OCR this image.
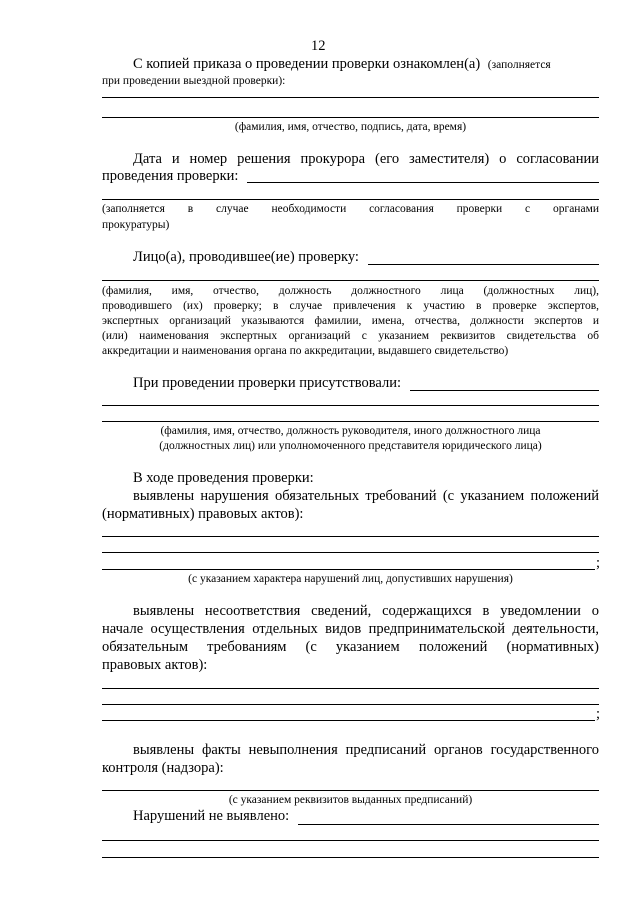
12
С копией приказа о проведении проверки ознакомлен(а) (заполняется
при проведении выездной проверки):
(фамилия, имя, отчество, подпись, дата, время)
Дата и номер решения прокурора (его заместителя) о согласовании
проведения проверки:
(заполняется в случае необходимости согласования проверки с органами
прокуратуры)
Лицо(а), проводившее(ие) проверку:
(фамилия, имя, отчество, должность должностного лица (должностных лиц),
проводившего (их) проверку; в случае привлечения к участию в проверке экспертов,
экспертных организаций указываются фамилии, имена, отчества, должности экспертов и
(или) наименования экспертных организаций с указанием реквизитов свидетельства об
аккредитации и наименования органа по аккредитации, выдавшего свидетельство)
При проведении проверки присутствовали:
(фамилия, имя, отчество, должность руководителя, иного должностного лица
(должностных лиц) или уполномоченного представителя юридического лица)
В ходе проведения проверки:
выявлены нарушения обязательных требований (с указанием положений
(нормативных) правовых актов):
;
(с указанием характера нарушений лиц, допустивших нарушения)
выявлены несоответствия сведений, содержащихся в уведомлении о
начале осуществления отдельных видов предпринимательской деятельности,
обязательным требованиям (с указанием положений (нормативных)
правовых актов):
;
выявлены факты невыполнения предписаний органов государственного
контроля (надзора):
(с указанием реквизитов выданных предписаний)
Нарушений не выявлено:
